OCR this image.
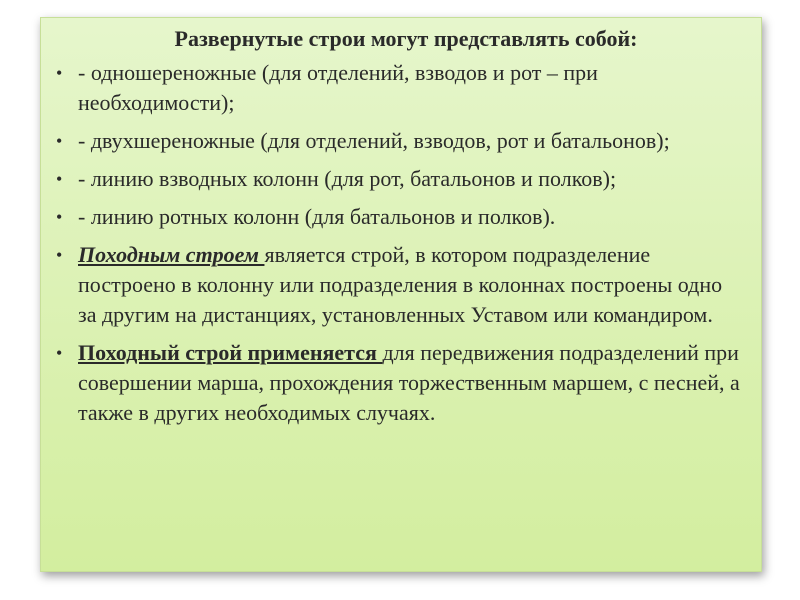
Развернутые строи могут представлять собой:
• - одношереножные (для отделений, взводов и рот – при необходимости);
• - двухшереножные (для отделений, взводов, рот и батальонов);
• - линию взводных колонн (для рот, батальонов и полков);
• - линию ротных колонн (для батальонов и полков).
• Походным строем является строй, в котором подразделение построено в колонну или подразделения в колоннах построены одно за другим на дистанциях, установленных Уставом или командиром.
• Походный строй применяется для передвижения подразделений при совершении марша, прохождения торжественным маршем, с песней, а также в других необходимых случаях.
